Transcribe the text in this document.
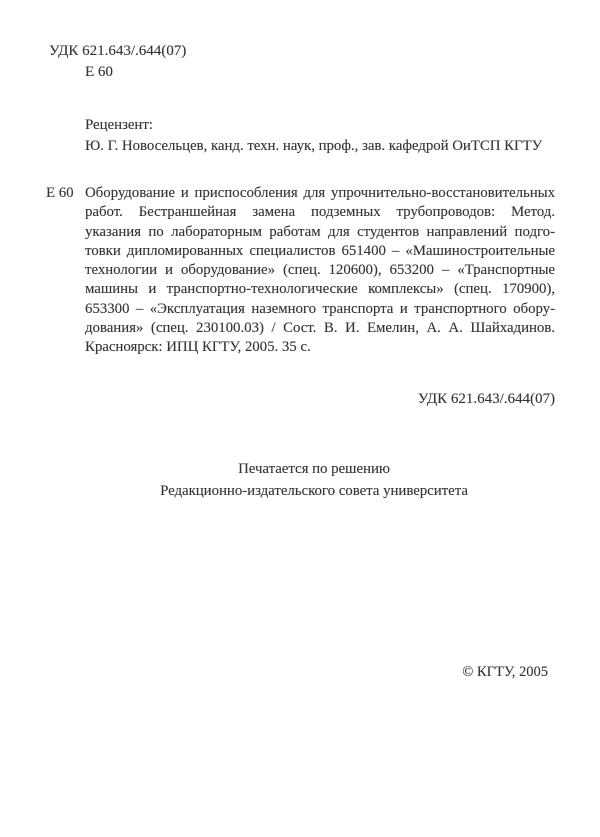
УДК 621.643/.644(07)
Е 60
Рецензент:
Ю. Г. Новосельцев, канд. техн. наук, проф., зав. кафедрой ОиТСП КГТУ
Е 60 Оборудование и приспособления для упрочнительно-восстановительных
работ. Бестраншейная замена подземных трубопроводов: Метод.
указания по лабораторным работам для студентов направлений подго-
товки дипломированных специалистов 651400 – «Машиностроительные
технологии и оборудование» (спец. 120600), 653200 – «Транспортные
машины и транспортно-технологические комплексы» (спец. 170900),
653300 – «Эксплуатация наземного транспорта и транспортного обору-
дования» (спец. 230100.03) / Сост. В. И. Емелин, А. А. Шайхадинов.
Красноярск: ИПЦ КГТУ, 2005. 35 с.
УДК 621.643/.644(07)
Печатается по решению
Редакционно-издательского совета университета
© КГТУ, 2005
